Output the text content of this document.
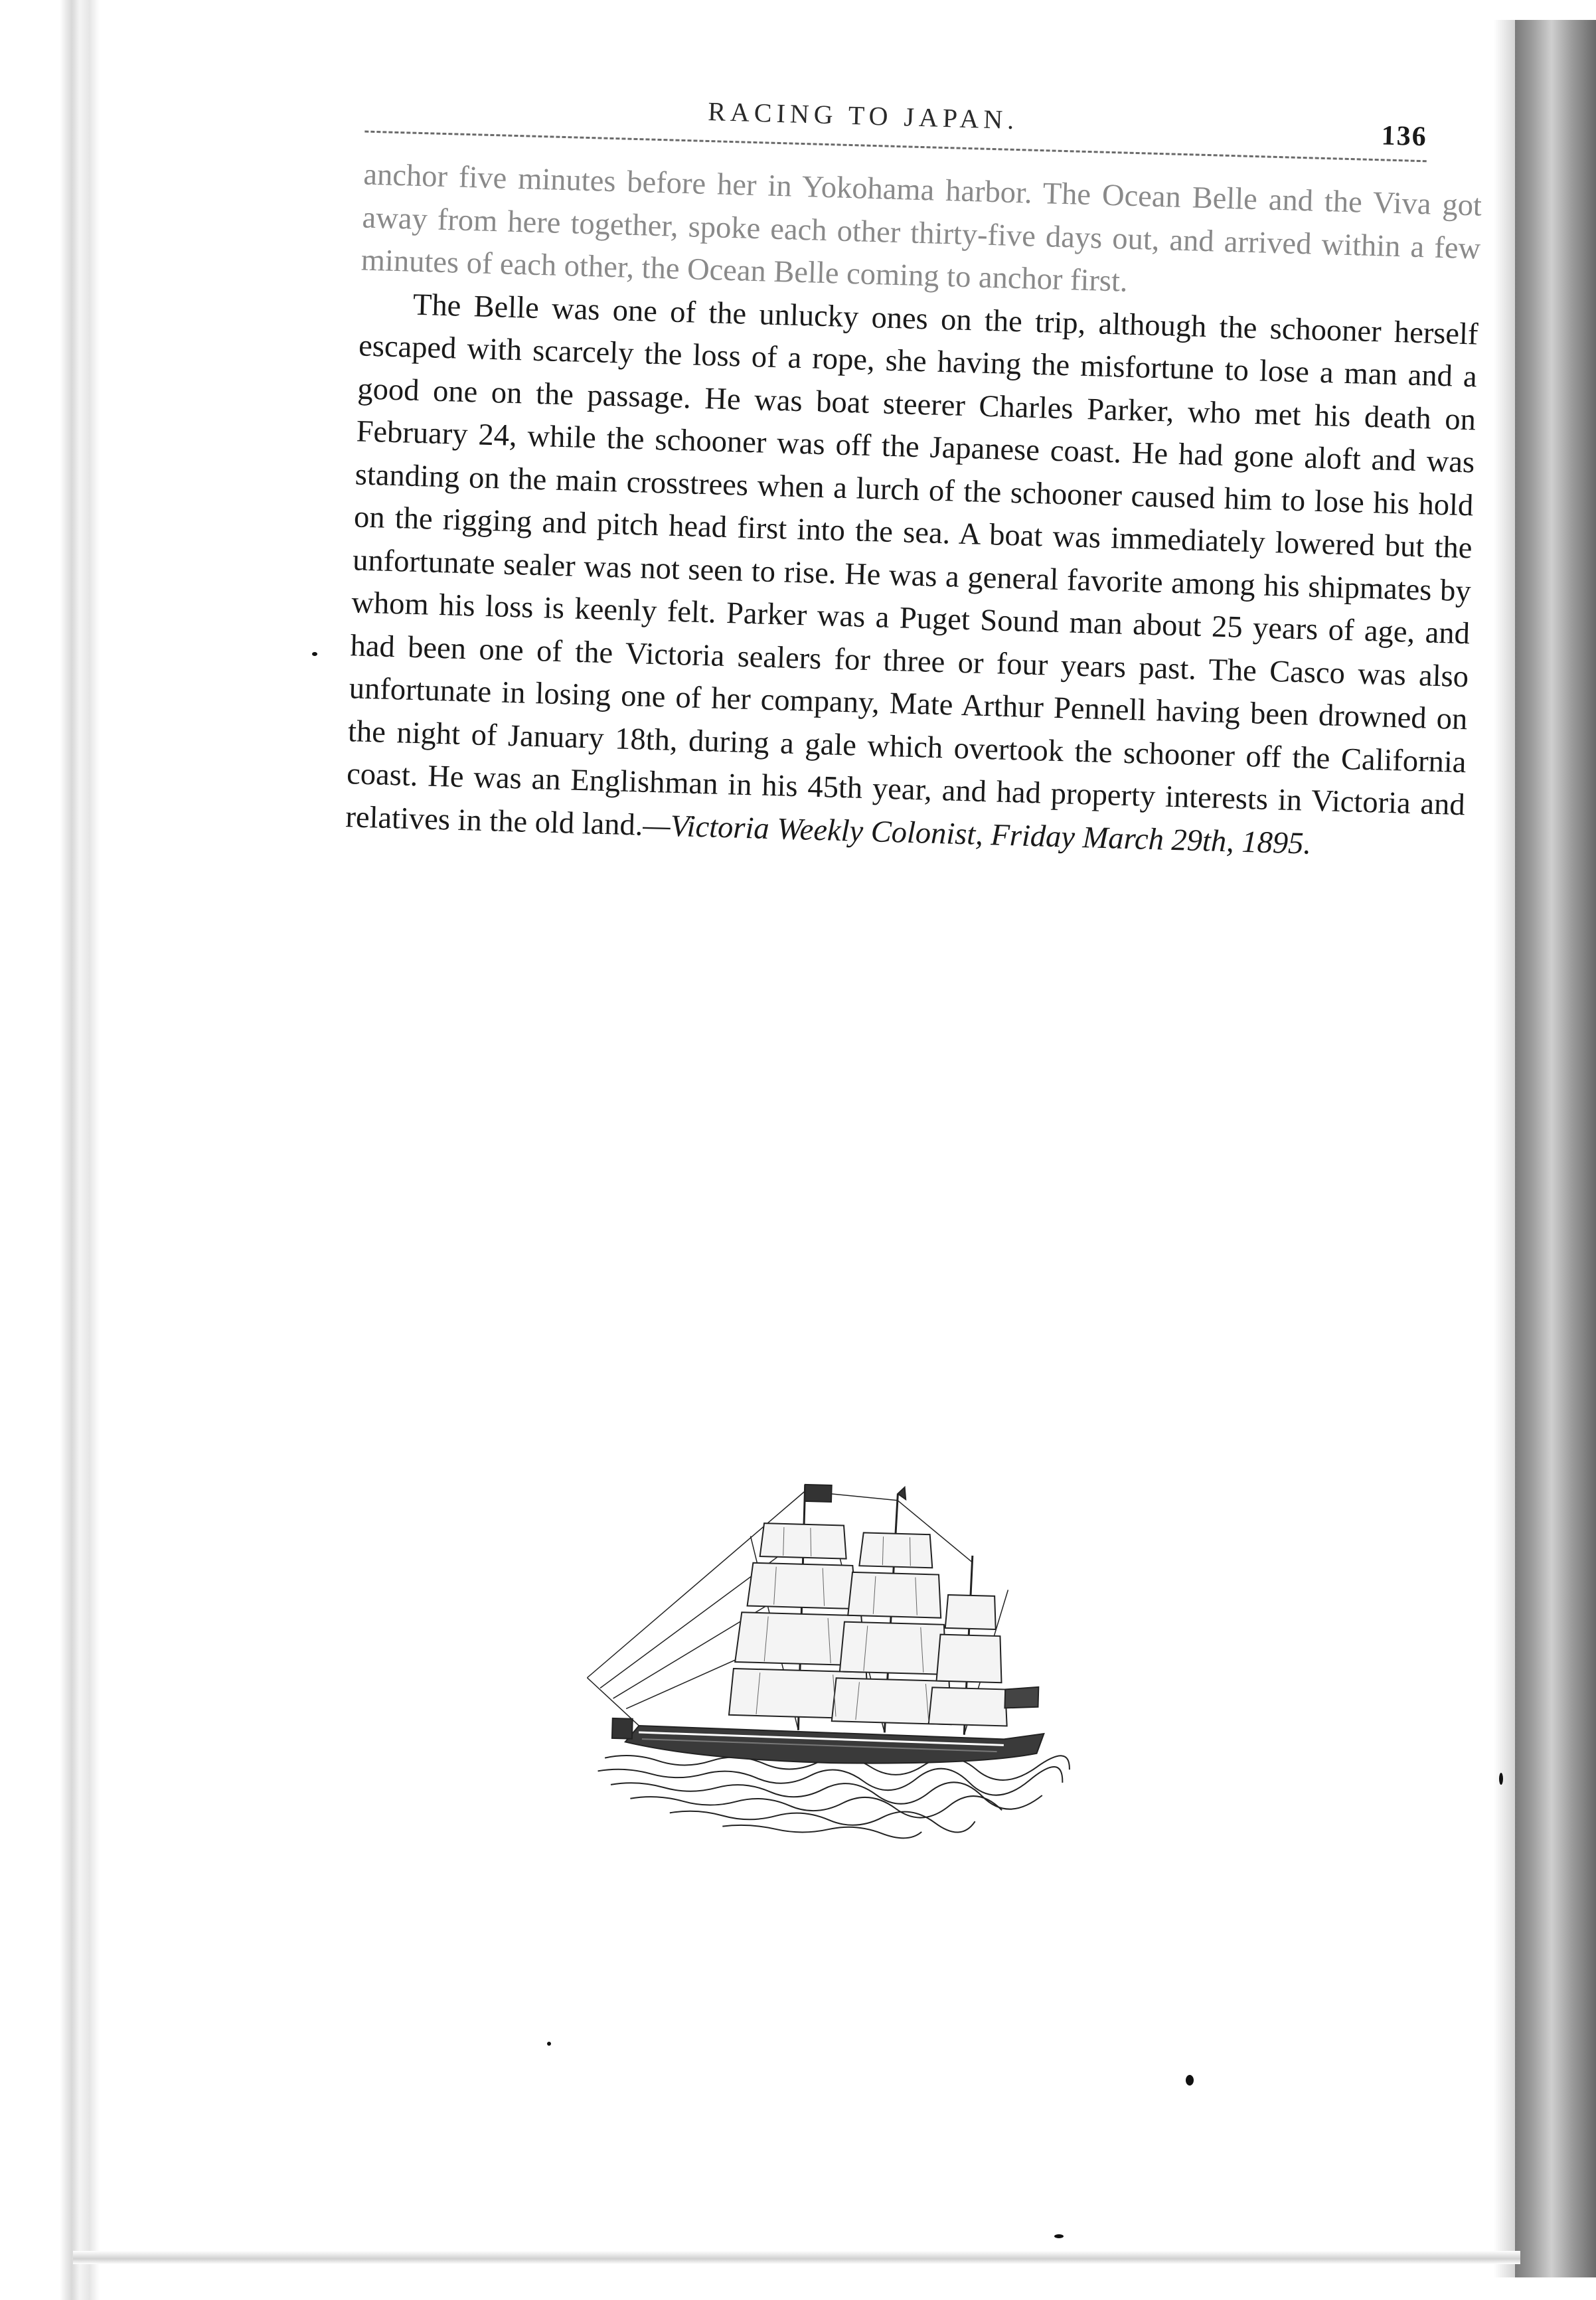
RACING TO JAPAN.
136

anchor five minutes before her in Yokohama harbor. The Ocean Belle and the Viva got away from here together, spoke each other thirty-five days out, and arrived within a few minutes of each other, the Ocean Belle coming to anchor first.

The Belle was one of the unlucky ones on the trip, although the schooner herself escaped with scarcely the loss of a rope, she having the misfortune to lose a man and a good one on the passage. He was boat steerer Charles Parker, who met his death on February 24, while the schooner was off the Japanese coast. He had gone aloft and was standing on the main crosstrees when a lurch of the schooner caused him to lose his hold on the rigging and pitch head first into the sea. A boat was immediately lowered but the unfortunate sealer was not seen to rise. He was a general favorite among his shipmates by whom his loss is keenly felt. Parker was a Puget Sound man about 25 years of age, and had been one of the Victoria sealers for three or four years past. The Casco was also unfortunate in losing one of her company, Mate Arthur Pennell having been drowned on the night of January 18th, during a gale which overtook the schooner off the California coast. He was an Englishman in his 45th year, and had property interests in Victoria and relatives in the old land.—Victoria Weekly Colonist, Friday March 29th, 1895.
